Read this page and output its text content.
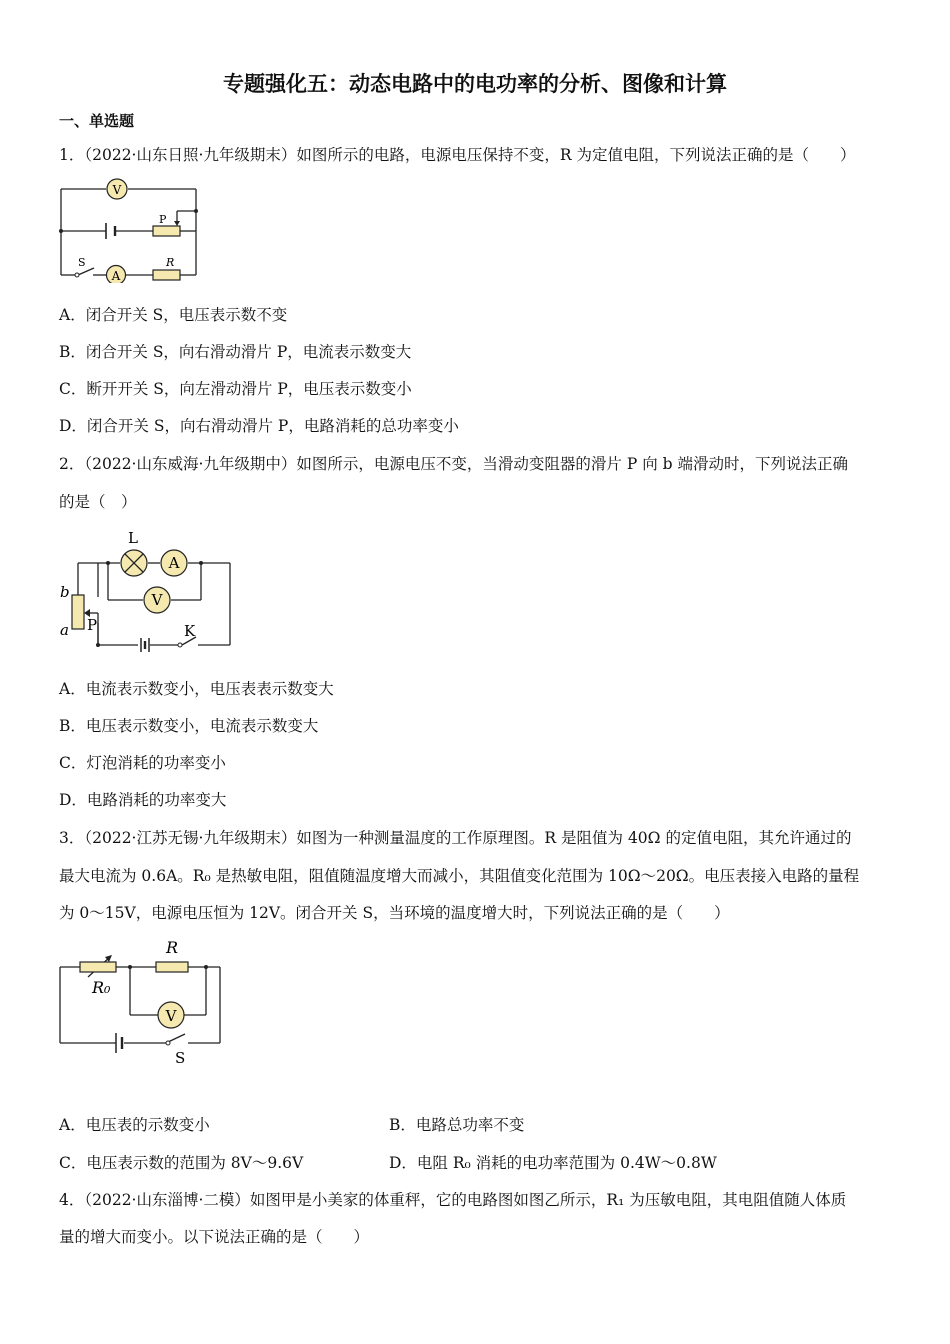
专题强化五：动态电路中的电功率的分析、图像和计算
一、单选题
1．（2022·山东日照·九年级期末）如图所示的电路，电源电压保持不变，R 为定值电阻，下列说法正确的是（　　）
V
A
P
S	R
A．闭合开关 S，电压表示数不变
B．闭合开关 S，向右滑动滑片 P，电流表示数变大
C．断开开关 S，向左滑动滑片 P，电压表示数变小
D．闭合开关 S，向右滑动滑片 P，电路消耗的总功率变小
2．（2022·山东威海·九年级期中）如图所示，电源电压不变，当滑动变阻器的滑片 P 向 b 端滑动时，下列说法正确
的是（　）
L
A
V
b
a P	K
A．电流表示数变小，电压表表示数变大
B．电压表示数变小，电流表示数变大
C．灯泡消耗的功率变小
D．电路消耗的功率变大
3．（2022·江苏无锡·九年级期末）如图为一种测量温度的工作原理图。R 是阻值为 40Ω 的定值电阻，其允许通过的
最大电流为 0.6A。R₀ 是热敏电阻，阻值随温度增大而减小，其阻值变化范围为 10Ω～20Ω。电压表接入电路的量程
为 0～15V，电源电压恒为 12V。闭合开关 S，当环境的温度增大时，下列说法正确的是（　　）
R
R₀
V
S
A．电压表的示数变小	B．电路总功率不变
C．电压表示数的范围为 8V～9.6V	D．电阻 R₀ 消耗的电功率范围为 0.4W～0.8W
4．（2022·山东淄博·二模）如图甲是小美家的体重秤，它的电路图如图乙所示，R₁ 为压敏电阻，其电阻值随人体质
量的增大而变小。以下说法正确的是（　　）
